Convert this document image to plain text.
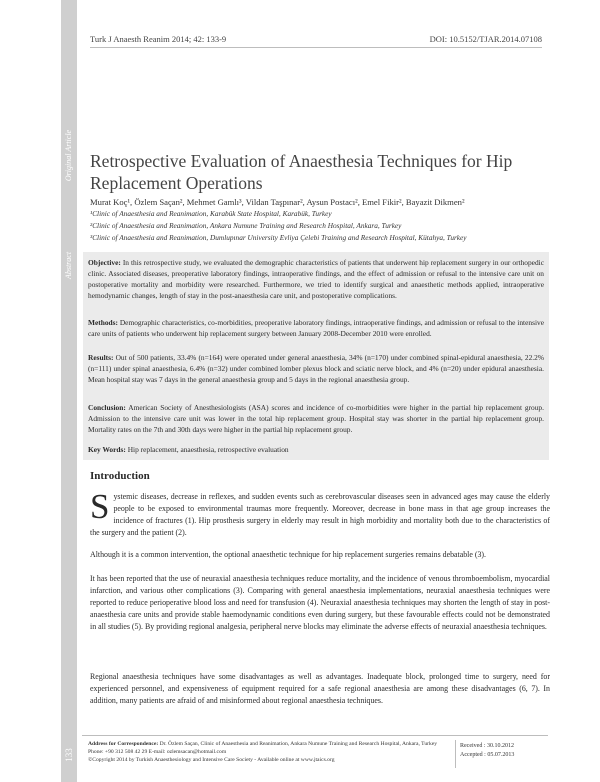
Original Article
Abstract
133
Turk J Anaesth Reanim 2014; 42: 133-9	DOI: 10.5152/TJAR.2014.07108
Retrospective Evaluation of Anaesthesia Techniques for Hip Replacement Operations
Murat Koç¹, Özlem Saçan², Mehmet Gamlı³, Vildan Taşpınar², Aysun Postacı², Emel Fikir², Bayazit Dikmen²
¹Clinic of Anaesthesia and Reanimation, Karabük State Hospital, Karabük, Turkey
²Clinic of Anaesthesia and Reanimation, Ankara Numune Training and Research Hospital, Ankara, Turkey
³Clinic of Anaesthesia and Reanimation, Dumlupınar University Evliya Çelebi Training and Research Hospital, Kütahya, Turkey
Objective: In this retrospective study, we evaluated the demographic characteristics of patients that underwent hip replacement surgery in our orthopedic clinic. Associated diseases, preoperative laboratory findings, intraoperative findings, and the effect of admission or refusal to the intensive care unit on postoperative mortality and morbidity were researched. Furthermore, we tried to identify surgical and anaesthetic methods applied, intraoperative hemodynamic changes, length of stay in the post-anaesthesia care unit, and postoperative complications.
Methods: Demographic characteristics, co-morbidities, preoperative laboratory findings, intraoperative findings, and admission or refusal to the intensive care units of patients who underwent hip replacement surgery between January 2008-December 2010 were enrolled.
Results: Out of 500 patients, 33.4% (n=164) were operated under general anaesthesia, 34% (n=170) under combined spinal-epidural anaesthesia, 22.2% (n=111) under spinal anaesthesia, 6.4% (n=32) under combined lomber plexus block and sciatic nerve block, and 4% (n=20) under epidural anaesthesia. Mean hospital stay was 7 days in the general anaesthesia group and 5 days in the regional anaesthesia group.
Conclusion: American Society of Anesthesiologists (ASA) scores and incidence of co-morbidities were higher in the partial hip replacement group. Admission to the intensive care unit was lower in the total hip replacement group. Hospital stay was shorter in the partial hip replacement group. Mortality rates on the 7th and 30th days were higher in the partial hip replacement group.
Key Words: Hip replacement, anaesthesia, retrospective evaluation
Introduction
S ystemic diseases, decrease in reflexes, and sudden events such as cerebrovascular diseases seen in advanced ages may cause the elderly people to be exposed to environmental traumas more frequently. Moreover, decrease in bone mass in that age group increases the incidence of fractures (1). Hip prosthesis surgery in elderly may result in high morbidity and mortality both due to the characteristics of the surgery and the patient (2).
Although it is a common intervention, the optional anaesthetic technique for hip replacement surgeries remains debatable (3).
It has been reported that the use of neuraxial anaesthesia techniques reduce mortality, and the incidence of venous thromboembolism, myocardial infarction, and various other complications (3). Comparing with general anaesthesia implementations, neuraxial anaesthesia techniques were reported to reduce perioperative blood loss and need for transfusion (4). Neuraxial anaesthesia techniques may shorten the length of stay in post-anaesthesia care units and provide stable haemodynamic conditions even during surgery, but these favourable effects could not be demonstrated in all studies (5). By providing regional analgesia, peripheral nerve blocks may eliminate the adverse effects of neuraxial anaesthesia techniques.
Regional anaesthesia techniques have some disadvantages as well as advantages. Inadequate block, prolonged time to surgery, need for experienced personnel, and expensiveness of equipment required for a safe regional anaesthesia are among these disadvantages (6, 7). In addition, many patients are afraid of and misinformed about regional anaesthesia techniques.
Address for Correspondence: Dr. Özlem Saçan, Clinic of Anaesthesia and Reanimation, Ankara Numune Training and Research Hospital, Ankara, Turkey Phone: +90 312 508 42 29 E-mail: ozlemsacan@hotmail.com
©Copyright 2014 by Turkish Anaesthesiology and Intensive Care Society - Available online at www.jtaics.org
Received : 30.10.2012
Accepted : 05.07.2013
